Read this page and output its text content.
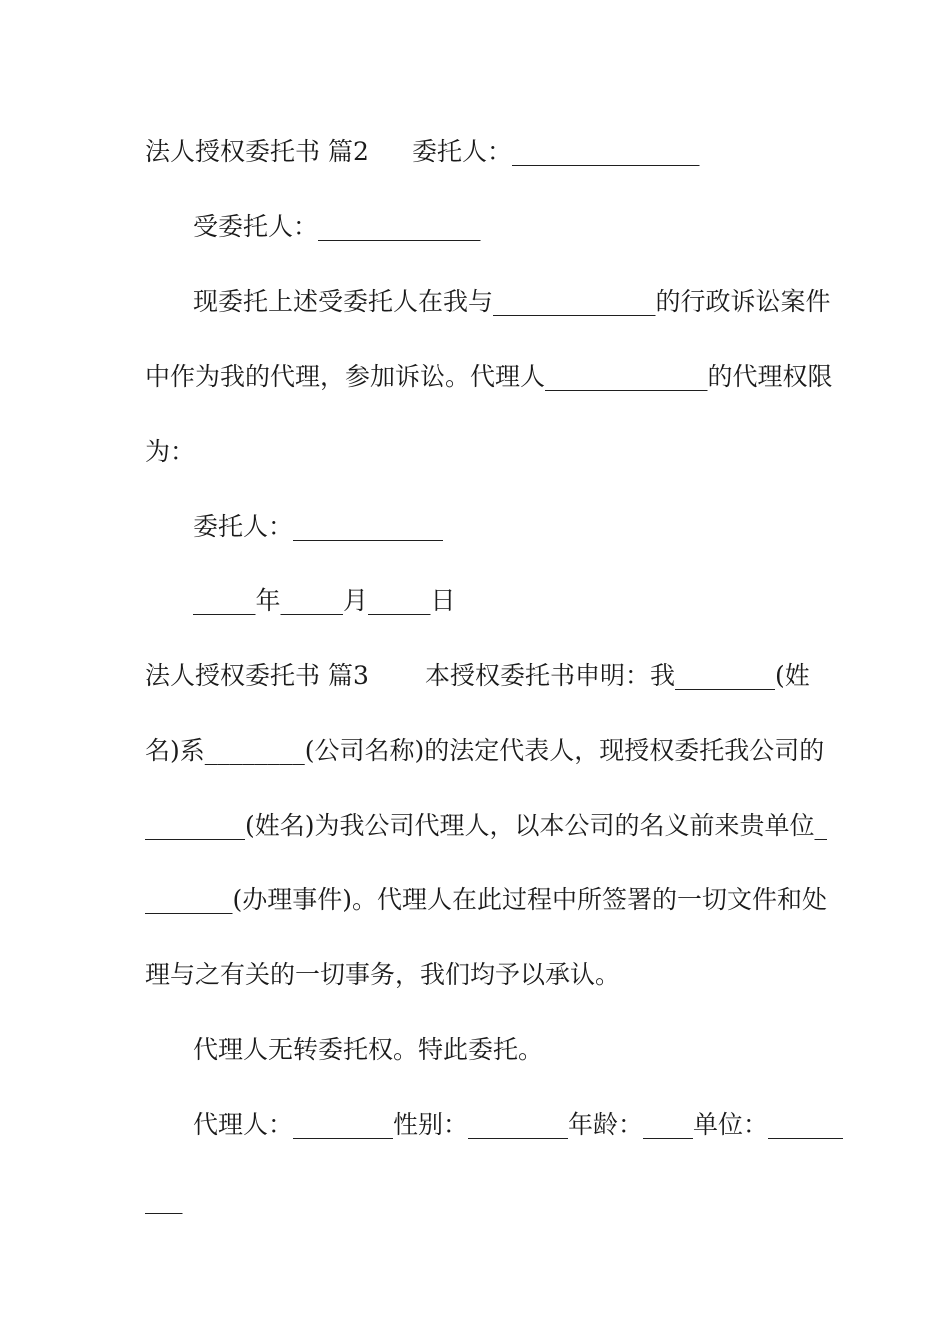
法人授权委托书 篇2

委托人：_______________

受委托人：_____________

现委托上述受委托人在我与_____________的行政诉讼案件

中作为我的代理，参加诉讼。代理人_____________的代理权限

为：

委托人：____________

_____年_____月_____日

法人授权委托书 篇3

本授权委托书申明：我________(姓

名)系________(公司名称)的法定代表人，现授权委托我公司的

________(姓名)为我公司代理人，以本公司的名义前来贵单位_

_______(办理事件)。代理人在此过程中所签署的一切文件和处

理与之有关的一切事务，我们均予以承认。

代理人无转委托权。特此委托。

代理人：________性别：________年龄：____单位：______

___
